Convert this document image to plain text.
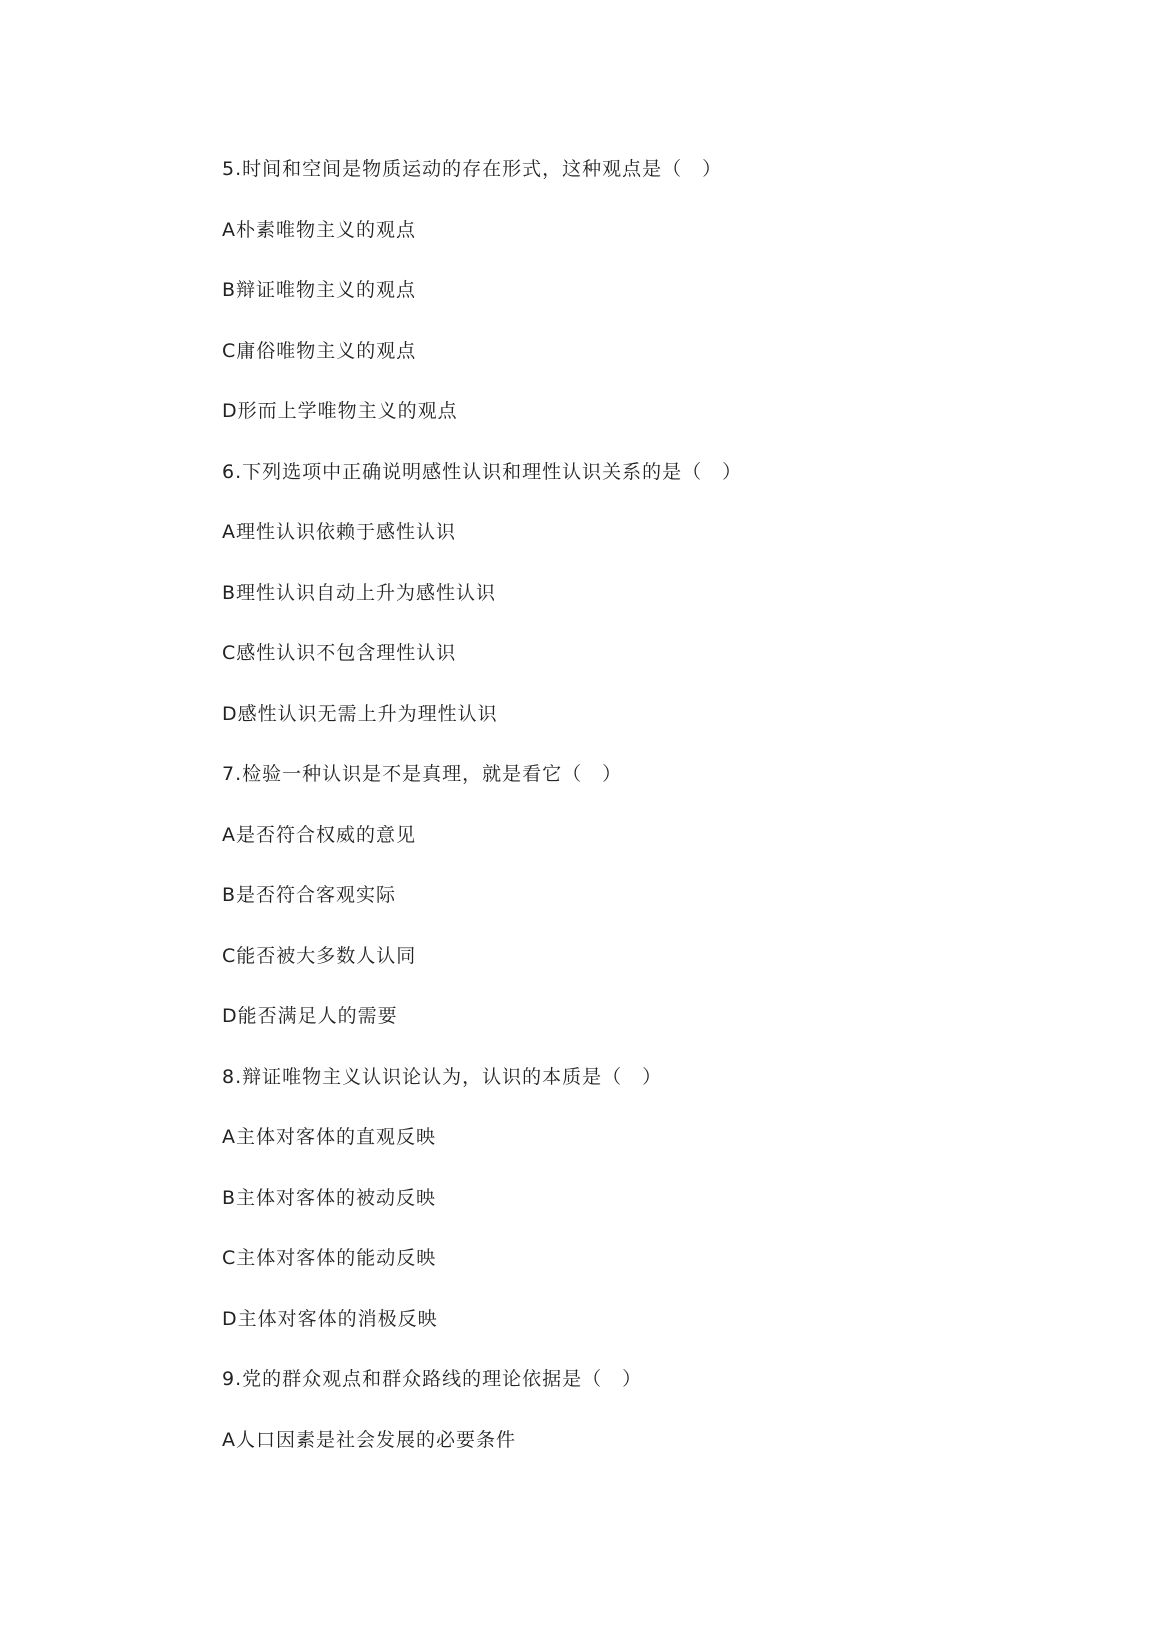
5.时间和空间是物质运动的存在形式，这种观点是（　）
A朴素唯物主义的观点
B辩证唯物主义的观点
C庸俗唯物主义的观点
D形而上学唯物主义的观点
6.下列选项中正确说明感性认识和理性认识关系的是（　）
A理性认识依赖于感性认识
B理性认识自动上升为感性认识
C感性认识不包含理性认识
D感性认识无需上升为理性认识
7.检验一种认识是不是真理，就是看它（　）
A是否符合权威的意见
B是否符合客观实际
C能否被大多数人认同
D能否满足人的需要
8.辩证唯物主义认识论认为，认识的本质是（　）
A主体对客体的直观反映
B主体对客体的被动反映
C主体对客体的能动反映
D主体对客体的消极反映
9.党的群众观点和群众路线的理论依据是（　）
A人口因素是社会发展的必要条件
